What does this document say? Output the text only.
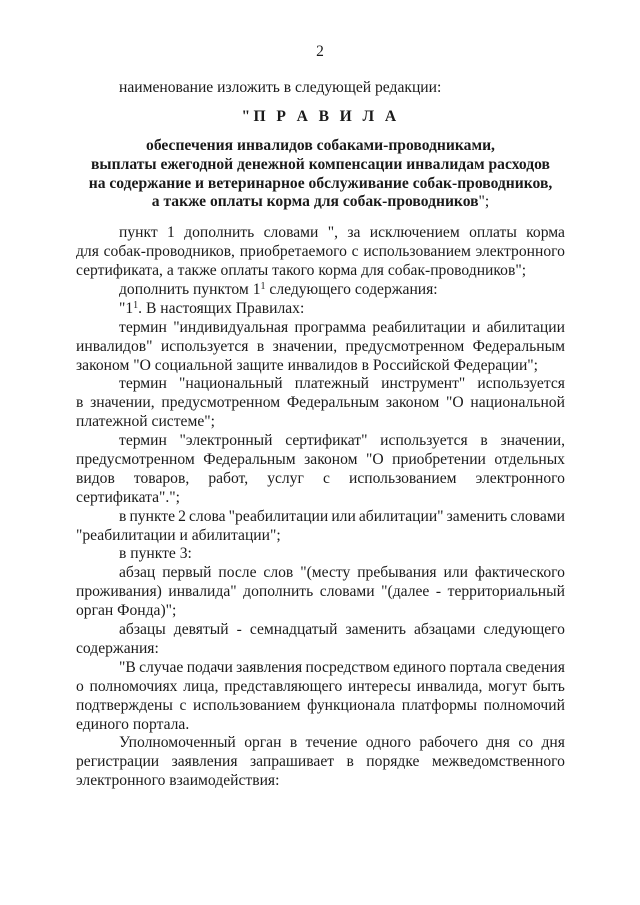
2
наименование изложить в следующей редакции:
"П Р А В И Л А
обеспечения инвалидов собаками-проводниками,
выплаты ежегодной денежной компенсации инвалидам расходов
на содержание и ветеринарное обслуживание собак-проводников,
а также оплаты корма для собак-проводников";
пункт 1 дополнить словами ", за исключением оплаты корма
для собак-проводников, приобретаемого с использованием электронного
сертификата, а также оплаты такого корма для собак-проводников";
дополнить пунктом $1^1$ следующего содержания:
"$1^1$. В настоящих Правилах:
термин "индивидуальная программа реабилитации и абилитации
инвалидов" используется в значении, предусмотренном Федеральным
законом "О социальной защите инвалидов в Российской Федерации";
термин "национальный платежный инструмент" используется
в значении, предусмотренном Федеральным законом "О национальной
платежной системе";
термин "электронный сертификат" используется в значении,
предусмотренном Федеральным законом "О приобретении отдельных
видов товаров, работ, услуг с использованием электронного
сертификата".";
в пункте 2 слова "реабилитации или абилитации" заменить словами
"реабилитации и абилитации";
в пункте 3:
абзац первый после слов "(месту пребывания или фактического
проживания) инвалида" дополнить словами "(далее - территориальный
орган Фонда)";
абзацы девятый - семнадцатый заменить абзацами следующего
содержания:
"В случае подачи заявления посредством единого портала сведения
о полномочиях лица, представляющего интересы инвалида, могут быть
подтверждены с использованием функционала платформы полномочий
единого портала.
Уполномоченный орган в течение одного рабочего дня со дня
регистрации заявления запрашивает в порядке межведомственного
электронного взаимодействия:
